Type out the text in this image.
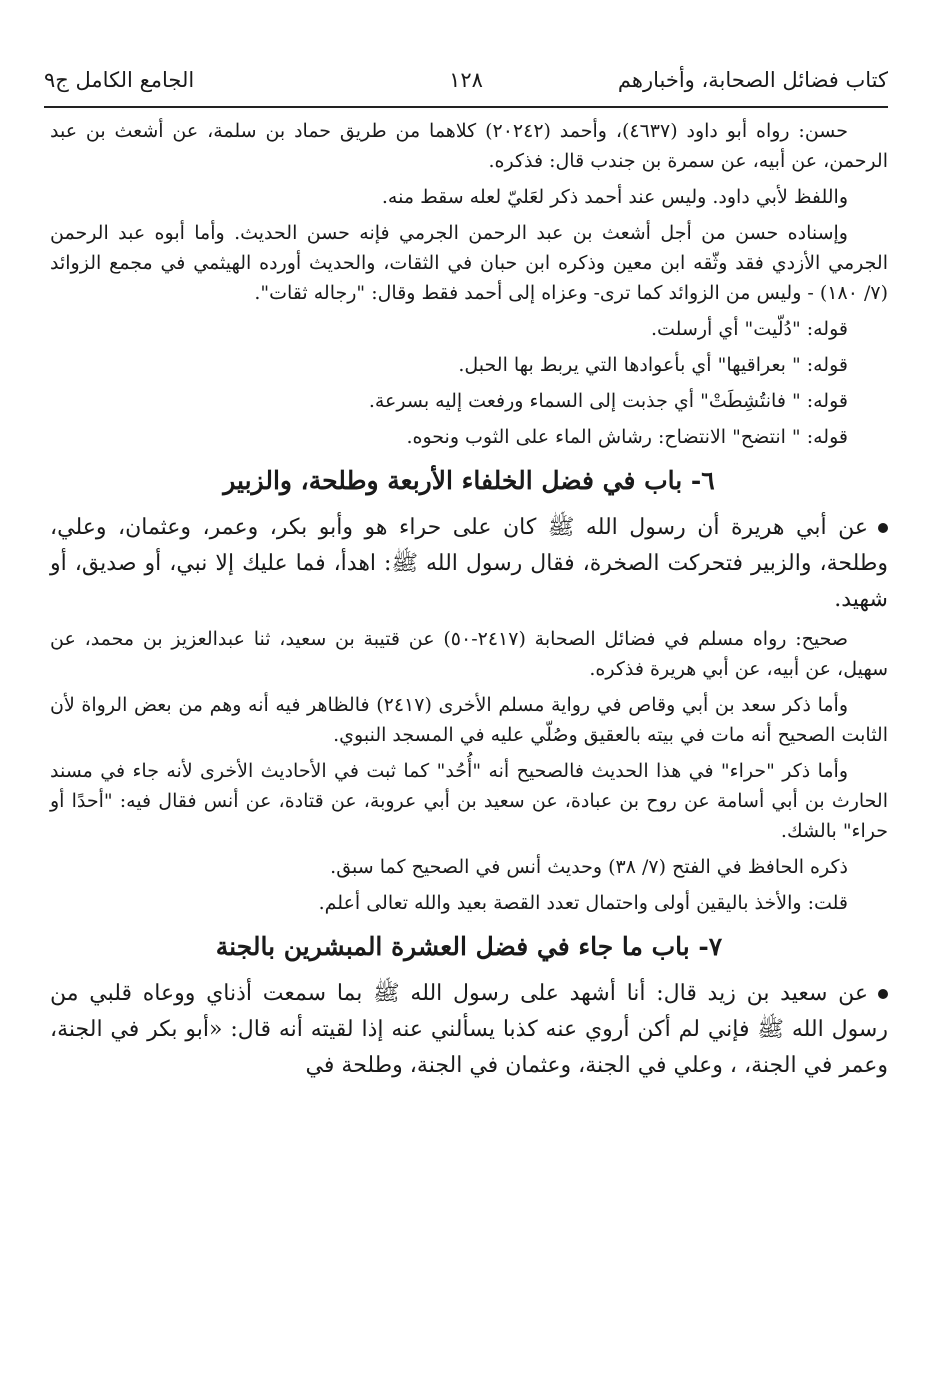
كتاب فضائل الصحابة، وأخبارهم
١٢٨
الجامع الكامل ج٩

حسن: رواه أبو داود (٤٦٣٧)، وأحمد (٢٠٢٤٢) كلاهما من طريق حماد بن سلمة، عن أشعث بن عبد الرحمن، عن أبيه، عن سمرة بن جندب قال: فذكره.

واللفظ لأبي داود. وليس عند أحمد ذكر لعَليّ لعله سقط منه.

وإسناده حسن من أجل أشعث بن عبد الرحمن الجرمي فإنه حسن الحديث. وأما أبوه عبد الرحمن الجرمي الأزدي فقد وثّقه ابن معين وذكره ابن حبان في الثقات، والحديث أورده الهيثمي في مجمع الزوائد (٧/ ١٨٠) - وليس من الزوائد كما ترى- وعزاه إلى أحمد فقط وقال: "رجاله ثقات".

قوله: "دُلّيت" أي أرسلت.

قوله: " بعراقيها" أي بأعوادها التي يربط بها الحبل.

قوله: " فانتُشِطَتْ" أي جذبت إلى السماء ورفعت إليه بسرعة.

قوله: " انتضح" الانتضاح: رشاش الماء على الثوب ونحوه.

٦- باب في فضل الخلفاء الأربعة وطلحة، والزبير

عن أبي هريرة أن رسول الله ﷺ كان على حراء هو وأبو بكر، وعمر، وعثمان، وعلي، وطلحة، والزبير فتحركت الصخرة، فقال رسول الله ﷺ: اهدأ، فما عليك إلا نبي، أو صديق، أو شهيد.

صحيح: رواه مسلم في فضائل الصحابة (٢٤١٧-٥٠) عن قتيبة بن سعيد، ثنا عبدالعزيز بن محمد، عن سهيل، عن أبيه، عن أبي هريرة فذكره.

وأما ذكر سعد بن أبي وقاص في رواية مسلم الأخرى (٢٤١٧) فالظاهر فيه أنه وهم من بعض الرواة لأن الثابت الصحيح أنه مات في بيته بالعقيق وصُلّي عليه في المسجد النبوي.

وأما ذكر "حراء" في هذا الحديث فالصحيح أنه "أُحُد" كما ثبت في الأحاديث الأخرى لأنه جاء في مسند الحارث بن أبي أسامة عن روح بن عبادة، عن سعيد بن أبي عروبة، عن قتادة، عن أنس فقال فيه: "أحدًا أو حراء" بالشك.

ذكره الحافظ في الفتح (٧/ ٣٨) وحديث أنس في الصحيح كما سبق.

قلت: والأخذ باليقين أولى واحتمال تعدد القصة بعيد والله تعالى أعلم.

٧- باب ما جاء في فضل العشرة المبشرين بالجنة

عن سعيد بن زيد قال: أنا أشهد على رسول الله ﷺ بما سمعت أذناي ووعاه قلبي من رسول الله ﷺ فإني لم أكن أروي عنه كذبا يسألني عنه إذا لقيته أنه قال: «أبو بكر في الجنة، وعمر في الجنة، ، وعلي في الجنة، وعثمان في الجنة، وطلحة في
